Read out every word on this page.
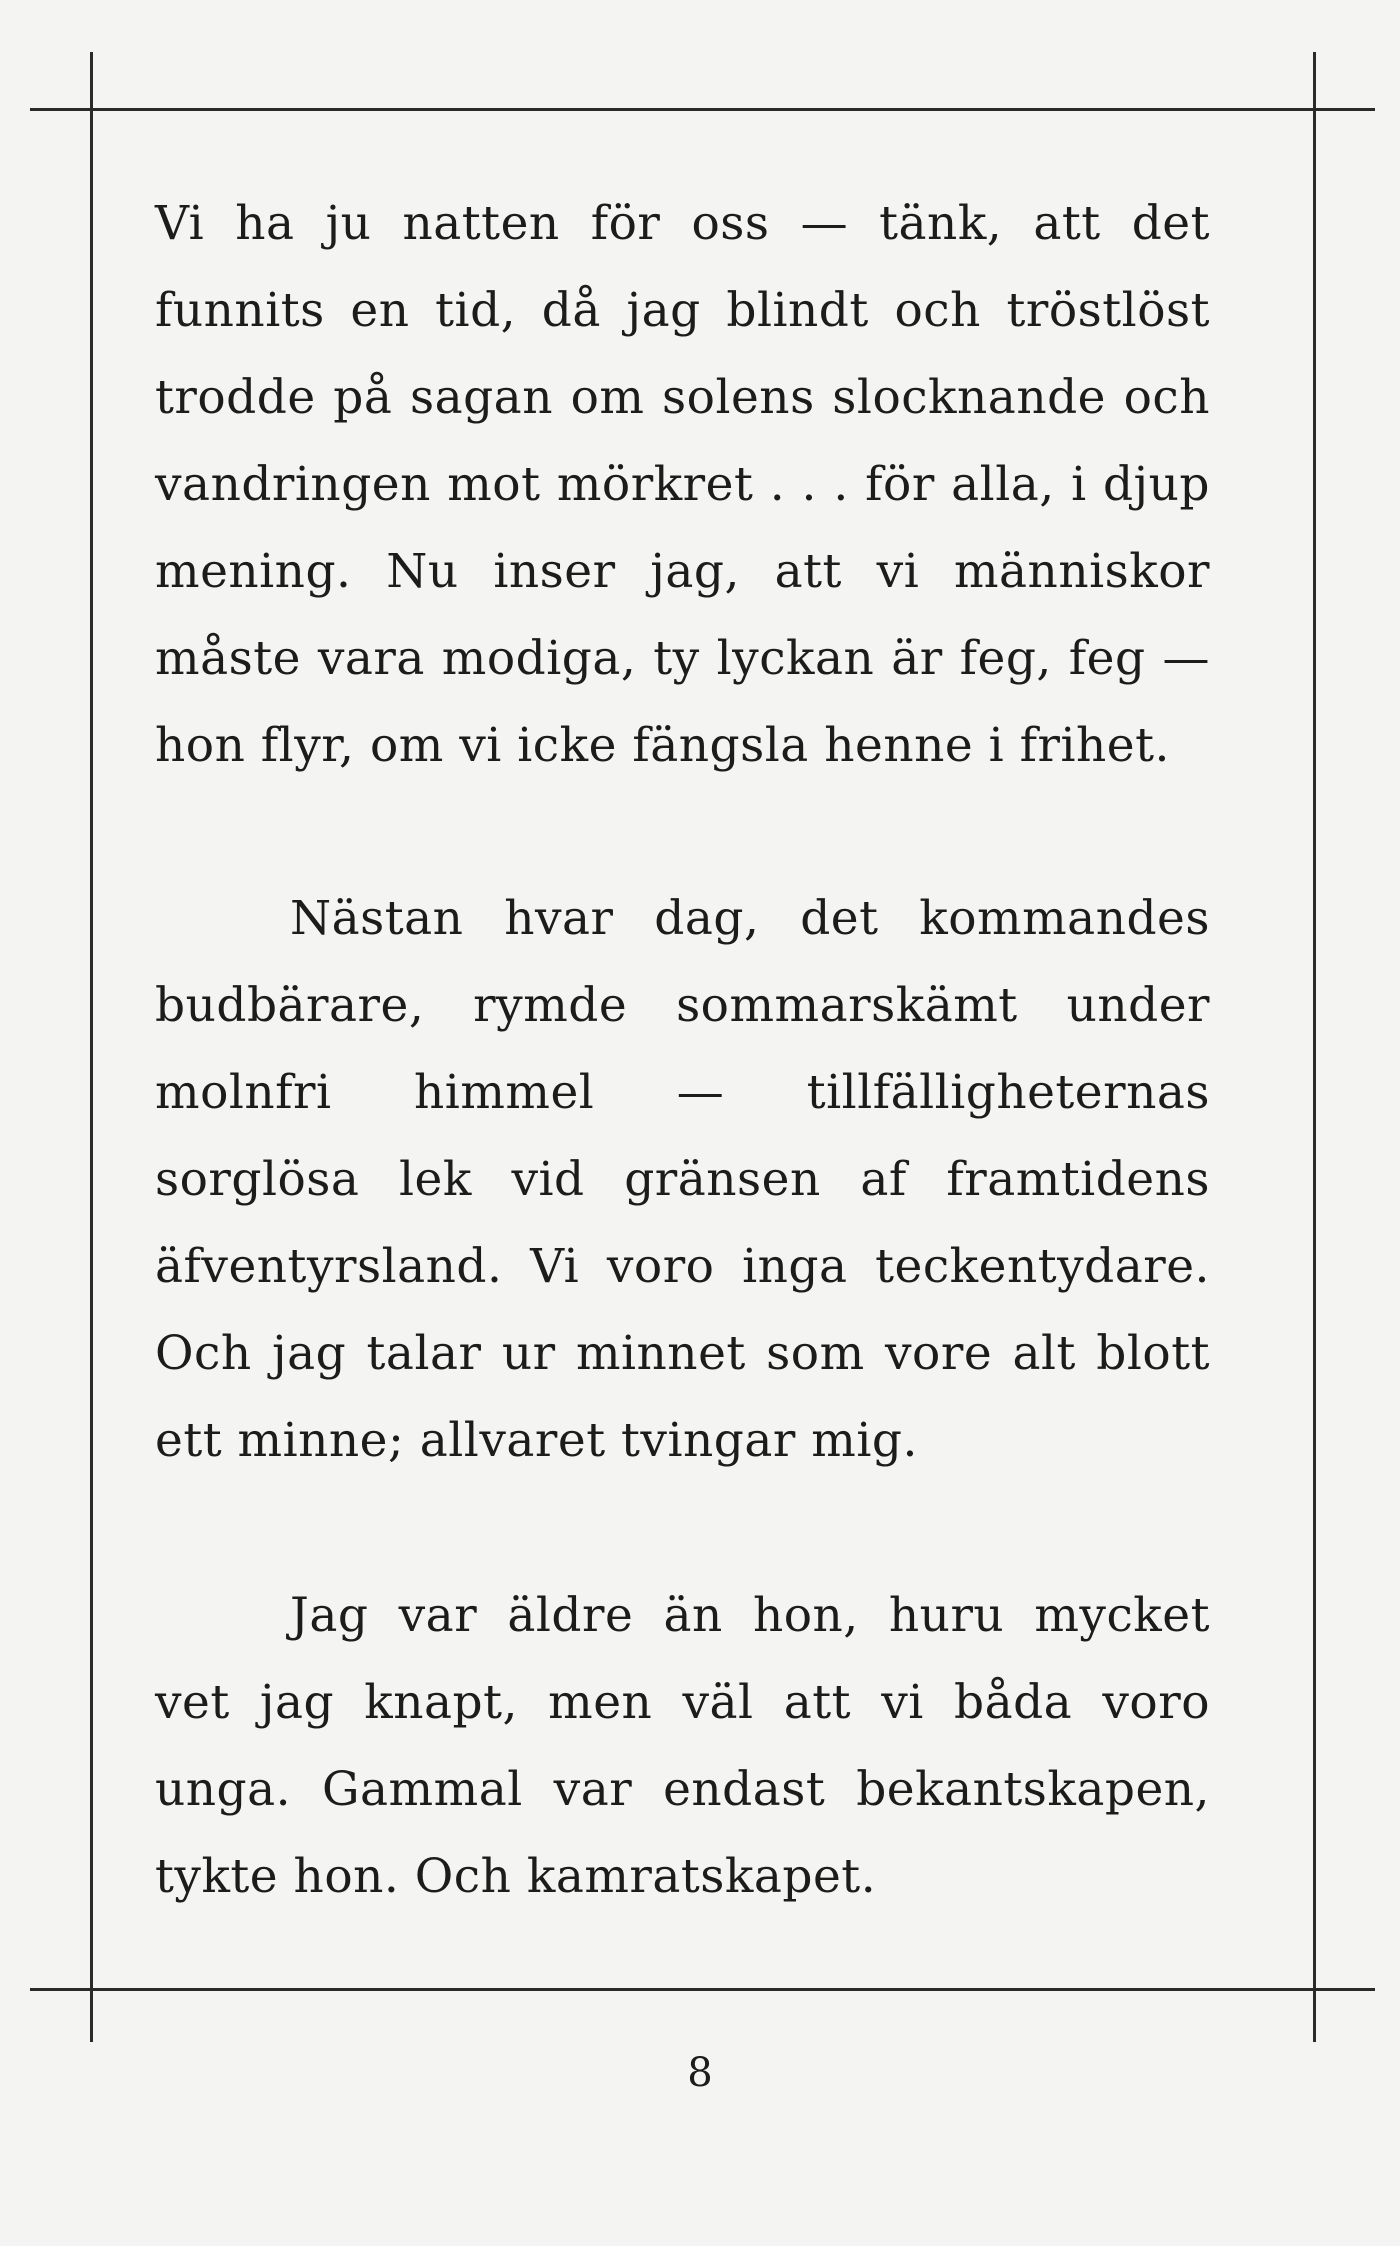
Vi ha ju natten för oss — tänk, att det funnits en tid, då jag blindt och tröstlöst trodde på sagan om solens slocknande och vandringen mot mörkret . . . för alla, i djup mening. Nu inser jag, att vi människor måste vara modiga, ty lyckan är feg, feg — hon flyr, om vi icke fängsla henne i frihet.

Nästan hvar dag, det kommandes budbärare, rymde sommarskämt under molnfri himmel — tillfälligheternas sorglösa lek vid gränsen af framtidens äfventyrsland. Vi voro inga teckentydare. Och jag talar ur minnet som vore alt blott ett minne; allvaret tvingar mig.

Jag var äldre än hon, huru mycket vet jag knapt, men väl att vi båda voro unga. Gammal var endast bekantskapen, tykte hon. Och kamratskapet.

8
